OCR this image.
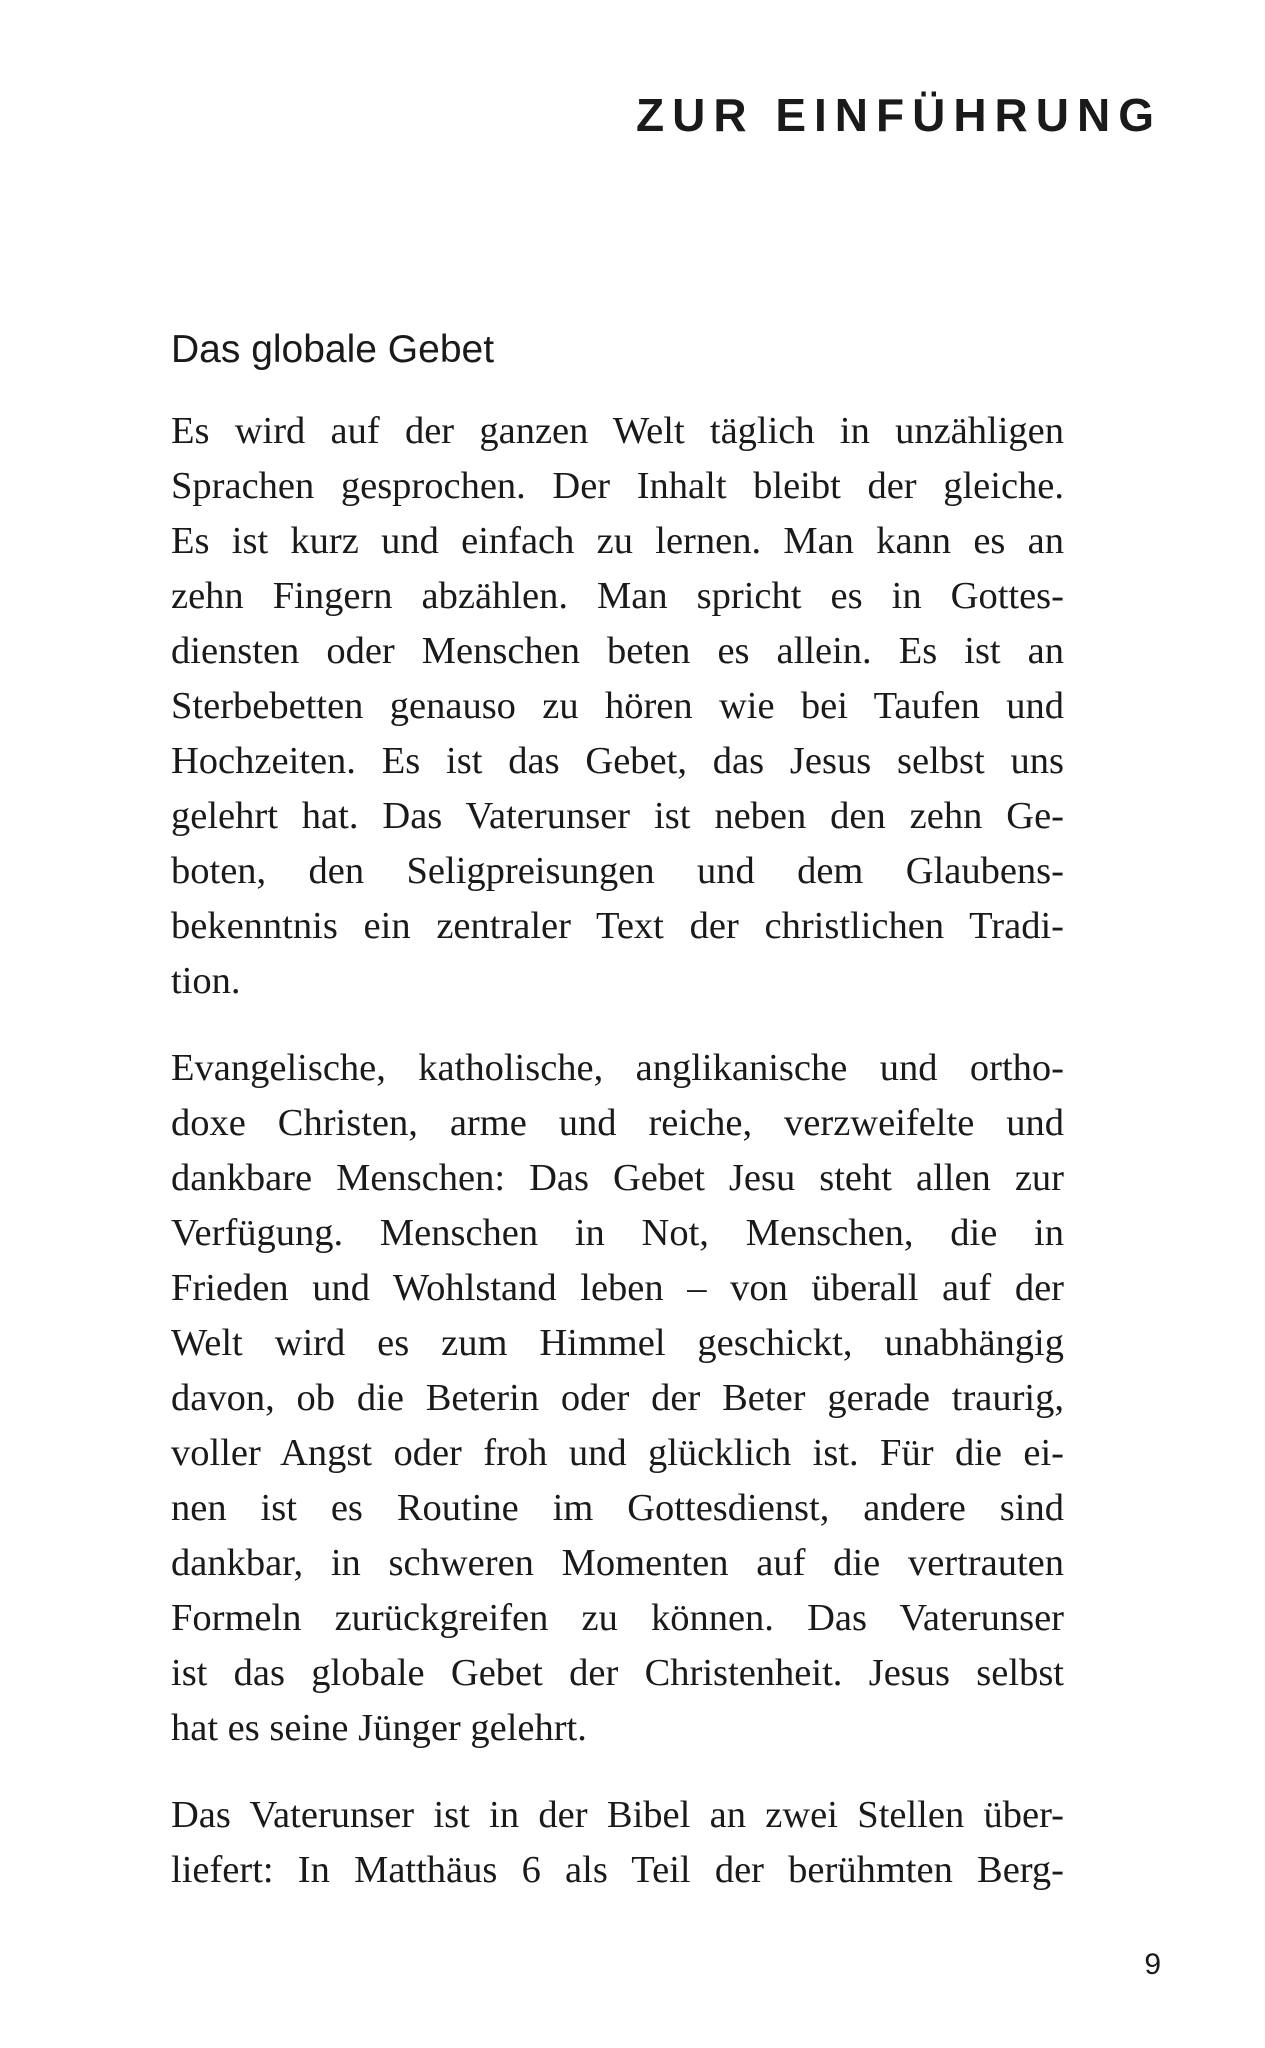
ZUR EINFÜHRUNG
Das globale Gebet

Es wird auf der ganzen Welt täglich in unzähligen
Sprachen gesprochen. Der Inhalt bleibt der gleiche.
Es ist kurz und einfach zu lernen. Man kann es an
zehn Fingern abzählen. Man spricht es in Gottes-
diensten oder Menschen beten es allein. Es ist an
Sterbebetten genauso zu hören wie bei Taufen und
Hochzeiten. Es ist das Gebet, das Jesus selbst uns
gelehrt hat. Das Vaterunser ist neben den zehn Ge-
boten, den Seligpreisungen und dem Glaubens-
bekenntnis ein zentraler Text der christlichen Tradi-
tion.

Evangelische, katholische, anglikanische und ortho-
doxe Christen, arme und reiche, verzweifelte und
dankbare Menschen: Das Gebet Jesu steht allen zur
Verfügung. Menschen in Not, Menschen, die in
Frieden und Wohlstand leben – von überall auf der
Welt wird es zum Himmel geschickt, unabhängig
davon, ob die Beterin oder der Beter gerade traurig,
voller Angst oder froh und glücklich ist. Für die ei-
nen ist es Routine im Gottesdienst, andere sind
dankbar, in schweren Momenten auf die vertrauten
Formeln zurückgreifen zu können. Das Vaterunser
ist das globale Gebet der Christenheit. Jesus selbst
hat es seine Jünger gelehrt.

Das Vaterunser ist in der Bibel an zwei Stellen über-
liefert: In Matthäus 6 als Teil der berühmten Berg-

9
